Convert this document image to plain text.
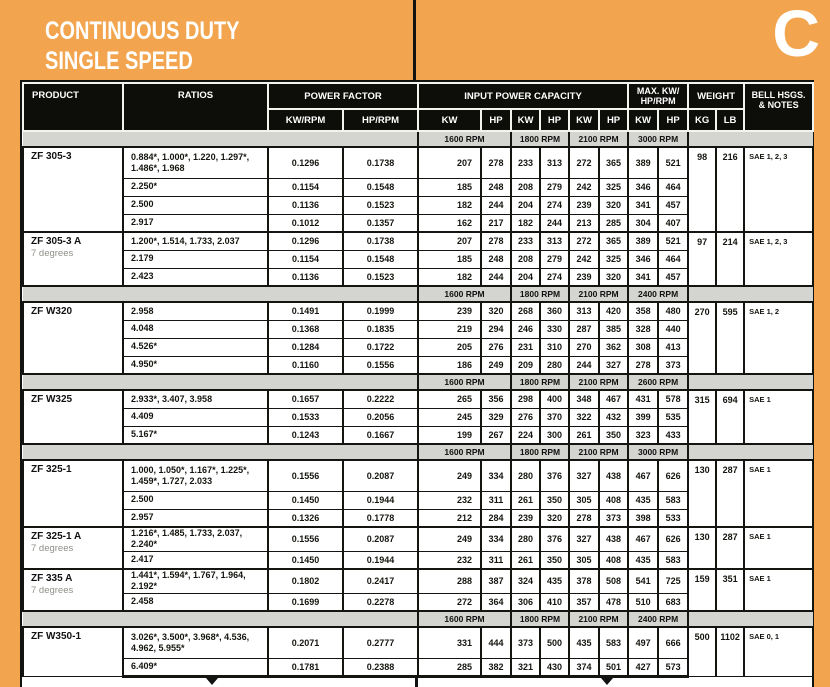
CONTINUOUS DUTY
SINGLE SPEED	C
PRODUCT	RATIOS	POWER FACTOR		INPUT POWER CAPACITY						MAX. KW/
HP/RPM		WEIGHT		BELL HSGS.
& NOTES
		KW/RPM	HP/RPM	KW	HP	KW	HP	KW	HP	KW	HP	KG	LB	
				1600 RPM		1800 RPM		2100 RPM		3000 RPM				

ZF 305-3	0.884*, 1.000*, 1.220, 1.297*, 1.486*, 1.968	0.1296	0.1738	207	278	233	313	272	365	389	521	98	216	SAE 1, 2, 3
	2.250*	0.1154	0.1548	185	248	208	279	242	325	346	464			
	2.500	0.1136	0.1523	182	244	204	274	239	320	341	457			
	2.917	0.1012	0.1357	162	217	182	244	213	285	304	407			

ZF 305-3 A
7 degrees	1.200*, 1.514, 1.733, 2.037	0.1296	0.1738	207	278	233	313	272	365	389	521	97	214	SAE 1, 2, 3
	2.179	0.1154	0.1548	185	248	208	279	242	325	346	464			
	2.423	0.1136	0.1523	182	244	204	274	239	320	341	457			
				1600 RPM		1800 RPM		2100 RPM		2400 RPM				

ZF W320	2.958	0.1491	0.1999	239	320	268	360	313	420	358	480	270	595	SAE 1, 2
	4.048	0.1368	0.1835	219	294	246	330	287	385	328	440			
	4.526*	0.1284	0.1722	205	276	231	310	270	362	308	413			
	4.950*	0.1160	0.1556	186	249	209	280	244	327	278	373			
				1600 RPM		1800 RPM		2100 RPM		2600 RPM				

ZF W325	2.933*, 3.407, 3.958	0.1657	0.2222	265	356	298	400	348	467	431	578	315	694	SAE 1
	4.409	0.1533	0.2056	245	329	276	370	322	432	399	535			
	5.167*	0.1243	0.1667	199	267	224	300	261	350	323	433			
				1600 RPM		1800 RPM		2100 RPM		3000 RPM				

ZF 325-1	1.000, 1.050*, 1.167*, 1.225*, 1.459*, 1.727, 2.033	0.1556	0.2087	249	334	280	376	327	438	467	626	130	287	SAE 1
	2.500	0.1450	0.1944	232	311	261	350	305	408	435	583			
	2.957	0.1326	0.1778	212	284	239	320	278	373	398	533			

ZF 325-1 A
7 degrees	1.216*, 1.485, 1.733, 2.037, 2.240*	0.1556	0.2087	249	334	280	376	327	438	467	626	130	287	SAE 1
	2.417	0.1450	0.1944	232	311	261	350	305	408	435	583			

ZF 335 A
7 degrees	1.441*, 1.594*, 1.767, 1.964, 2.192*	0.1802	0.2417	288	387	324	435	378	508	541	725	159	351	SAE 1
	2.458	0.1699	0.2278	272	364	306	410	357	478	510	683			
				1600 RPM		1800 RPM		2100 RPM		2400 RPM				

ZF W350-1	3.026*, 3.500*, 3.968*, 4.536, 4.962, 5.955*	0.2071	0.2777	331	444	373	500	435	583	497	666	500	1102	SAE 0, 1
	6.409*	0.1781	0.2388	285	382	321	430	374	501	427	573			
